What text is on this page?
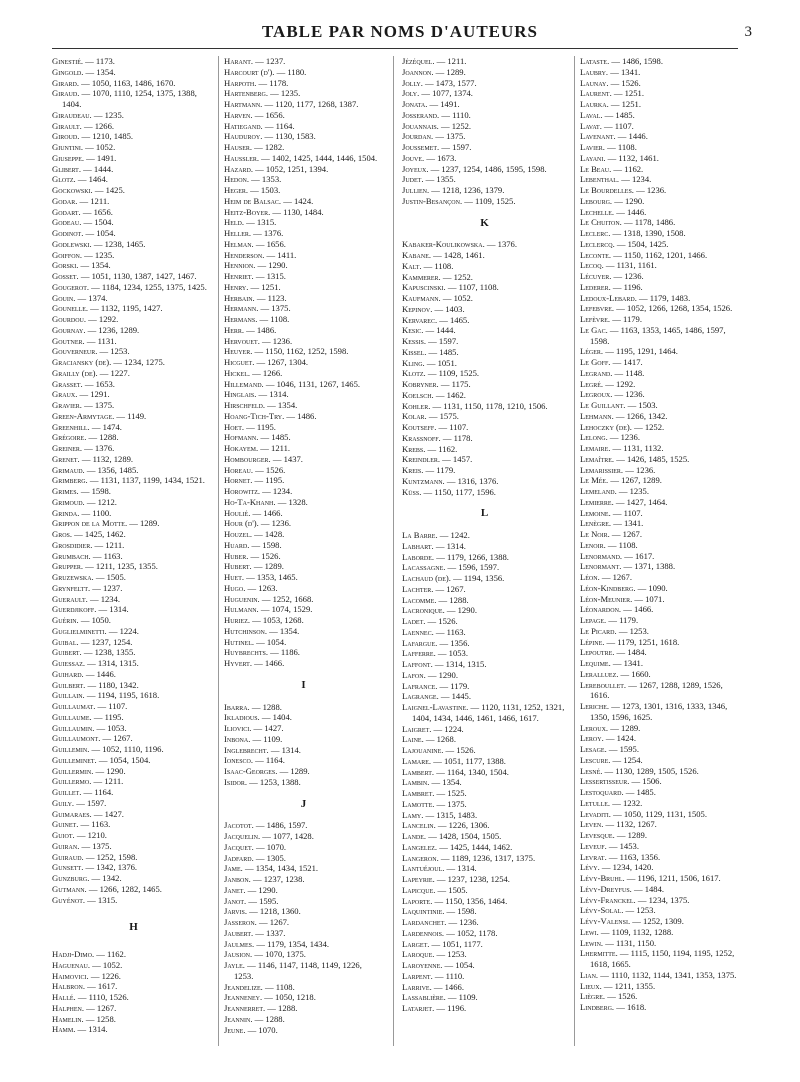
TABLE PAR NOMS D'AUTEURS	3
Ginestié. — 1173.
Gingold. — 1354.
Girard. — 1050, 1163, 1486, 1670.
Giraud. — 1070, 1110, 1254, 1375, 1388, 1404.
Giraudeau. — 1235.
Girault. — 1266.
Giroud. — 1210, 1485.
Giuntini. — 1052.
Giuseppe. — 1491.
Glibert. — 1444.
Glotz. — 1464.
Gockowski. — 1425.
Godar. — 1211.
Godart. — 1656.
Godeau. — 1504.
Godinot. — 1054.
Godlewski. — 1238, 1465.
Goiffon. — 1235.
Gorski. — 1354.
Gosset. — 1051, 1130, 1387, 1427, 1467.
Gougerot. — 1184, 1234, 1255, 1375, 1425.
Gouin. — 1374.
Gounelle. — 1132, 1195, 1427.
Gourdou. — 1292.
Gournay. — 1236, 1289.
Goutner. — 1131.
Gouverneur. — 1253.
Graciansky (de). — 1234, 1275.
Grailly (de). — 1227.
Grasset. — 1653.
Graux. — 1291.
Gravier. — 1375.
Green-Armytage. — 1149.
Greenhill. — 1474.
Grégoire. — 1288.
Greiner. — 1376.
Grenet. — 1132, 1289.
Grimaud. — 1356, 1485.
Grimberg. — 1131, 1137, 1199, 1434, 1521.
Grimes. — 1598.
Grimoud. — 1212.
Grinda. — 1100.
Grippon de la Motte. — 1289.
Gros. — 1425, 1462.
Grosdidier. — 1211.
Grumbach. — 1163.
Grupper. — 1211, 1235, 1355.
Gruzewska. — 1505.
Grynfeltt. — 1237.
Guerault. — 1234.
Guerdjikoff. — 1314.
Guérin. — 1050.
Guglielminetti. — 1224.
Guibal. — 1237, 1254.
Guibert. — 1238, 1355.
Guiessaz. — 1314, 1315.
Guihard. — 1446.
Guilbert. — 1180, 1342.
Guillain. — 1194, 1195, 1618.
Guillaumat. — 1107.
Guillaume. — 1195.
Guillaumin. — 1053.
Guillaumont. — 1267.
Guillemin. — 1052, 1110, 1196.
Guilleminet. — 1054, 1504.
Guillermin. — 1290.
Guillermo. — 1211.
Guillet. — 1164.
Guily. — 1597.
Guimaraes. — 1427.
Guinet. — 1163.
Guiot. — 1210.
Guiran. — 1375.
Guiraud. — 1252, 1598.
Gunsett. — 1342, 1376.
Gunzburg. — 1342.
Gutmann. — 1266, 1282, 1465.
Guyénot. — 1315.
H
Hadji-Dimo. — 1162.
Haguenau. — 1052.
Haimovici. — 1226.
Halbron. — 1617.
Hallé. — 1110, 1526.
Halphen. — 1267.
Hamelin. — 1258.
Hamm. — 1314.
Harant. — 1237.
Harcourt (d'). — 1180.
Harpoth. — 1178.
Hartenberg. — 1235.
Hartmann. — 1120, 1177, 1268, 1387.
Harven. — 1656.
Hatiegand. — 1164.
Hauduroy. — 1130, 1583.
Hauser. — 1282.
Haussler. — 1402, 1425, 1444, 1446, 1504.
Hazard. — 1052, 1251, 1394.
Hedon. — 1353.
Heger. — 1503.
Heim de Balsac. — 1424.
Heitz-Boyer. — 1130, 1484.
Held. — 1315.
Heller. — 1376.
Helman. — 1656.
Henderson. — 1411.
Hennion. — 1290.
Henriet. — 1315.
Henry. — 1251.
Herbain. — 1123.
Hermann. — 1375.
Hermans. — 1108.
Herr. — 1486.
Hervouet. — 1236.
Heuyer. — 1150, 1162, 1252, 1598.
Hicguet. — 1267, 1304.
Hickel. — 1266.
Hillemand. — 1046, 1131, 1267, 1465.
Hinglais. — 1314.
Hirschfeld. — 1354.
Hoang-Tich-Try. — 1486.
Hoet. — 1195.
Hofmann. — 1485.
Hokayem. — 1211.
Hombourger. — 1437.
Horeau. — 1526.
Hornet. — 1195.
Horowitz. — 1234.
Ho-Ta-Khanh. — 1328.
Houlié. — 1466.
Hour (d'). — 1236.
Houzel. — 1428.
Huard. — 1598.
Huber. — 1526.
Hubert. — 1289.
Huet. — 1353, 1465.
Hugo. — 1263.
Huguenin. — 1252, 1668.
Hulmann. — 1074, 1529.
Huriez. — 1053, 1268.
Hutchinson. — 1354.
Hutinel. — 1054.
Huybrechts. — 1186.
Hyvert. — 1466.
I
Ibarra. — 1288.
Ikladious. — 1404.
Iliovici. — 1427.
Inbona. — 1109.
Inglebrecht. — 1314.
Ionesco. — 1164.
Isaac-Georges. — 1289.
Isidor. — 1253, 1388.
J
Jacotot. — 1486, 1597.
Jacquelin. — 1077, 1428.
Jacquet. — 1070.
Jadfard. — 1305.
Jame. — 1354, 1434, 1521.
Janbon. — 1237, 1238.
Janet. — 1290.
Janot. — 1595.
Jarvis. — 1218, 1360.
Jasseron. — 1267.
Jaubert. — 1337.
Jaulmes. — 1179, 1354, 1434.
Jausion. — 1070, 1375.
Jayle. — 1146, 1147, 1148, 1149, 1226, 1253.
Jeandelize. — 1108.
Jeanneney. — 1050, 1218.
Jeannerret. — 1288.
Jeannin. — 1288.
Jeune. — 1070.
Jézéquel. — 1211.
Joannon. — 1289.
Jolly. — 1473, 1577.
Joly. — 1077, 1374.
Jonata. — 1491.
Josserand. — 1110.
Jouannais. — 1252.
Jourdan. — 1375.
Joussemet. — 1597.
Jouve. — 1673.
Joyeux. — 1237, 1254, 1486, 1595, 1598.
Judet. — 1355.
Jullien. — 1218, 1236, 1379.
Justin-Besançon. — 1109, 1525.
K
Kabaker-Koulikowska. — 1376.
Kabane. — 1428, 1461.
Kalt. — 1108.
Kammerer. — 1252.
Kapuscinski. — 1107, 1108.
Kaufmann. — 1052.
Kepinov. — 1403.
Kervarec. — 1465.
Kesic. — 1444.
Kessis. — 1597.
Kissel. — 1485.
Kling. — 1051.
Klotz. — 1109, 1525.
Kobryner. — 1175.
Koelsch. — 1462.
Kohler. — 1131, 1150, 1178, 1210, 1506.
Kolar. — 1575.
Koutseff. — 1107.
Krassnoff. — 1178.
Krebs. — 1162.
Kreindler. — 1457.
Kreis. — 1179.
Kuntzmann. — 1316, 1376.
Küss. — 1150, 1177, 1596.
L
La Barre. — 1242.
Labhart. — 1314.
Laborde. — 1179, 1266, 1388.
Lacassagne. — 1596, 1597.
Lachaud (de). — 1194, 1356.
Lachter. — 1267.
Lacomme. — 1288.
Lacronique. — 1290.
Ladet. — 1526.
Laennec. — 1163.
Lafargue. — 1356.
Lafferre. — 1053.
Laffont. — 1314, 1315.
Lafon. — 1290.
Lafrance. — 1179.
Lagrange. — 1445.
Laignel-Lavastine. — 1120, 1131, 1252, 1321, 1404, 1434, 1446, 1461, 1466, 1617.
Laigret. — 1224.
Laine. — 1268.
Lajouanine. — 1526.
Lamare. — 1051, 1177, 1388.
Lambert. — 1164, 1340, 1504.
Lambin. — 1354.
Lambret. — 1525.
Lamotte. — 1375.
Lamy. — 1315, 1483.
Lancelin. — 1226, 1306.
Lande. — 1428, 1504, 1505.
Langelez. — 1425, 1444, 1462.
Langeron. — 1189, 1236, 1317, 1375.
Lantuéjoul. — 1314.
Lapeyrie. — 1237, 1238, 1254.
Lapicque. — 1505.
Laporte. — 1150, 1356, 1464.
Laquintinie. — 1598.
Lardanchet. — 1236.
Lardennois. — 1052, 1178.
Larget. — 1051, 1177.
Laroque. — 1253.
Laroyenne. — 1054.
Larpent. — 1110.
Larrive. — 1466.
Lassablière. — 1109.
Latarjet. — 1196.
Lataste. — 1486, 1598.
Laubry. — 1341.
Launay. — 1526.
Laurent. — 1251.
Laurka. — 1251.
Laval. — 1485.
Lavat. — 1107.
Lavenant. — 1446.
Lavier. — 1108.
Layani. — 1132, 1461.
Le Beau. — 1162.
Lebenthal. — 1234.
Le Bourdelles. — 1236.
Lebourg. — 1290.
Lechelle. — 1446.
Le Chuiton. — 1178, 1486.
Leclerc. — 1318, 1390, 1508.
Leclercq. — 1504, 1425.
Leconte. — 1150, 1162, 1201, 1466.
Lecoq. — 1131, 1161.
Lécuyer. — 1236.
Lederer. — 1196.
Ledoux-Lebard. — 1179, 1483.
Lefebvre. — 1052, 1266, 1268, 1354, 1526.
Lefèvre. — 1179.
Le Gac. — 1163, 1353, 1465, 1486, 1597, 1598.
Léger. — 1195, 1291, 1464.
Le Goff. — 1417.
Legrand. — 1148.
Legré. — 1292.
Legroux. — 1236.
Le Guillant. — 1503.
Lehmann. — 1266, 1342.
Lehoczky (de). — 1252.
Lelong. — 1236.
Lemaire. — 1131, 1132.
Lemaître. — 1426, 1485, 1525.
Lemarissier. — 1236.
Le Mée. — 1267, 1289.
Lemeland. — 1235.
Lemierre. — 1427, 1464.
Lemoine. — 1107.
Lenègre. — 1341.
Le Noir. — 1267.
Lenoir. — 1108.
Lenormand. — 1617.
Lenormant. — 1371, 1388.
Léon. — 1267.
Léon-Kindberg. — 1090.
Léon-Meunier. — 1071.
Léonardon. — 1466.
Lepage. — 1179.
Le Picard. — 1253.
Lépine. — 1179, 1251, 1618.
Lepoutre. — 1484.
Lequime. — 1341.
Leralluez. — 1660.
Lereboullet. — 1267, 1288, 1289, 1526, 1616.
Leriche. — 1273, 1301, 1316, 1333, 1346, 1350, 1596, 1625.
Leroux. — 1289.
Leroy. — 1424.
Lesage. — 1595.
Lescure. — 1254.
Lesné. — 1130, 1289, 1505, 1526.
Lessertisseur. — 1506.
Lestoquard. — 1485.
Letulle. — 1232.
Levaditi. — 1050, 1129, 1131, 1505.
Leven. — 1132, 1267.
Levesque. — 1289.
Leveuf. — 1453.
Levrat. — 1163, 1356.
Lévy. — 1234, 1420.
Lévy-Bruhl. — 1196, 1211, 1506, 1617.
Lévy-Dreyfus. — 1484.
Lévy-Franckel. — 1234, 1375.
Lévy-Solal. — 1253.
Lévy-Valensi. — 1252, 1309.
Lewi. — 1109, 1132, 1288.
Lewin. — 1131, 1150.
Lhermitte. — 1115, 1150, 1194, 1195, 1252, 1618, 1665.
Lian. — 1110, 1132, 1144, 1341, 1353, 1375.
Lieux. — 1211, 1355.
Liègre. — 1526.
Lindberg. — 1618.
